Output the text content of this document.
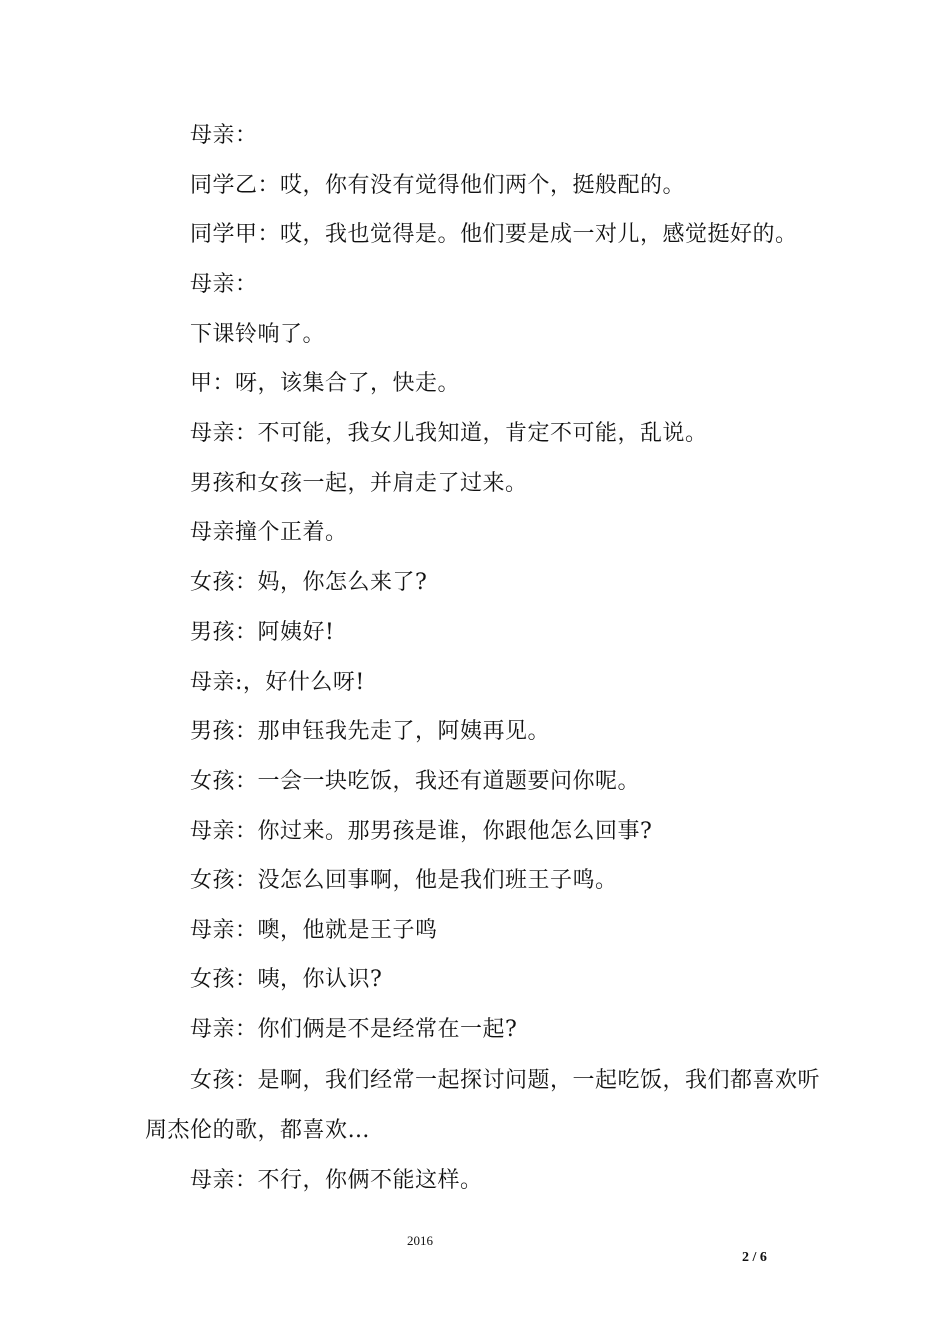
母亲：
同学乙：哎，你有没有觉得他们两个，挺般配的。
同学甲：哎，我也觉得是。他们要是成一对儿，感觉挺好的。
母亲：
下课铃响了。
甲：呀，该集合了，快走。
母亲：不可能，我女儿我知道，肯定不可能，乱说。
男孩和女孩一起，并肩走了过来。
母亲撞个正着。
女孩：妈，你怎么来了?
男孩：阿姨好!
母亲:，好什么呀!
男孩：那申钰我先走了，阿姨再见。
女孩：一会一块吃饭，我还有道题要问你呢。
母亲：你过来。那男孩是谁，你跟他怎么回事?
女孩：没怎么回事啊，他是我们班王子鸣。
母亲：噢，他就是王子鸣
女孩：咦，你认识?
母亲：你们俩是不是经常在一起?
女孩：是啊，我们经常一起探讨问题，一起吃饭，我们都喜欢听
周杰伦的歌，都喜欢…
母亲：不行，你俩不能这样。
2016
2 / 6
